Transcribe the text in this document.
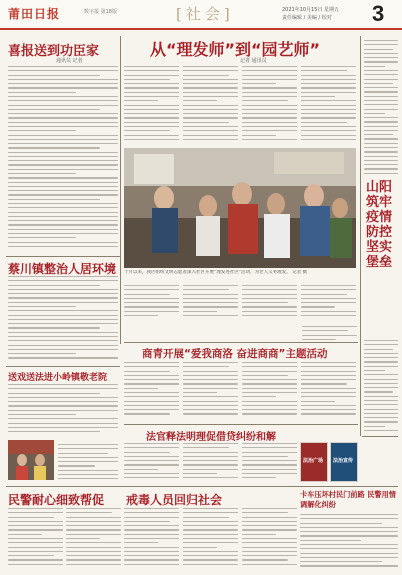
莆田日报	数字报 第18版	[社会]	2021年10月15日 星期五
责任编辑 / 美编 / 校对	3
喜报送到功臣家
通讯员 记者
从“理发师”到“园艺师”
记者 通讯员
十月以来，我区组织文明志愿者深入社区开展“理发进社区”活动，为老人义务理发。 记者 摄
山阳筑牢疫情防控坚实堡垒
蔡川镇整治人居环境
商青开展“爱我商洛 奋进商商”主题活动
送戏送法进小岭镇敬老院
法官释法明理促借贷纠纷和解
法治广场 法治宣传
民警耐心细致帮促 戒毒人员回归社会	卡车压坏村民门前路 民警用情调解化纠纷
